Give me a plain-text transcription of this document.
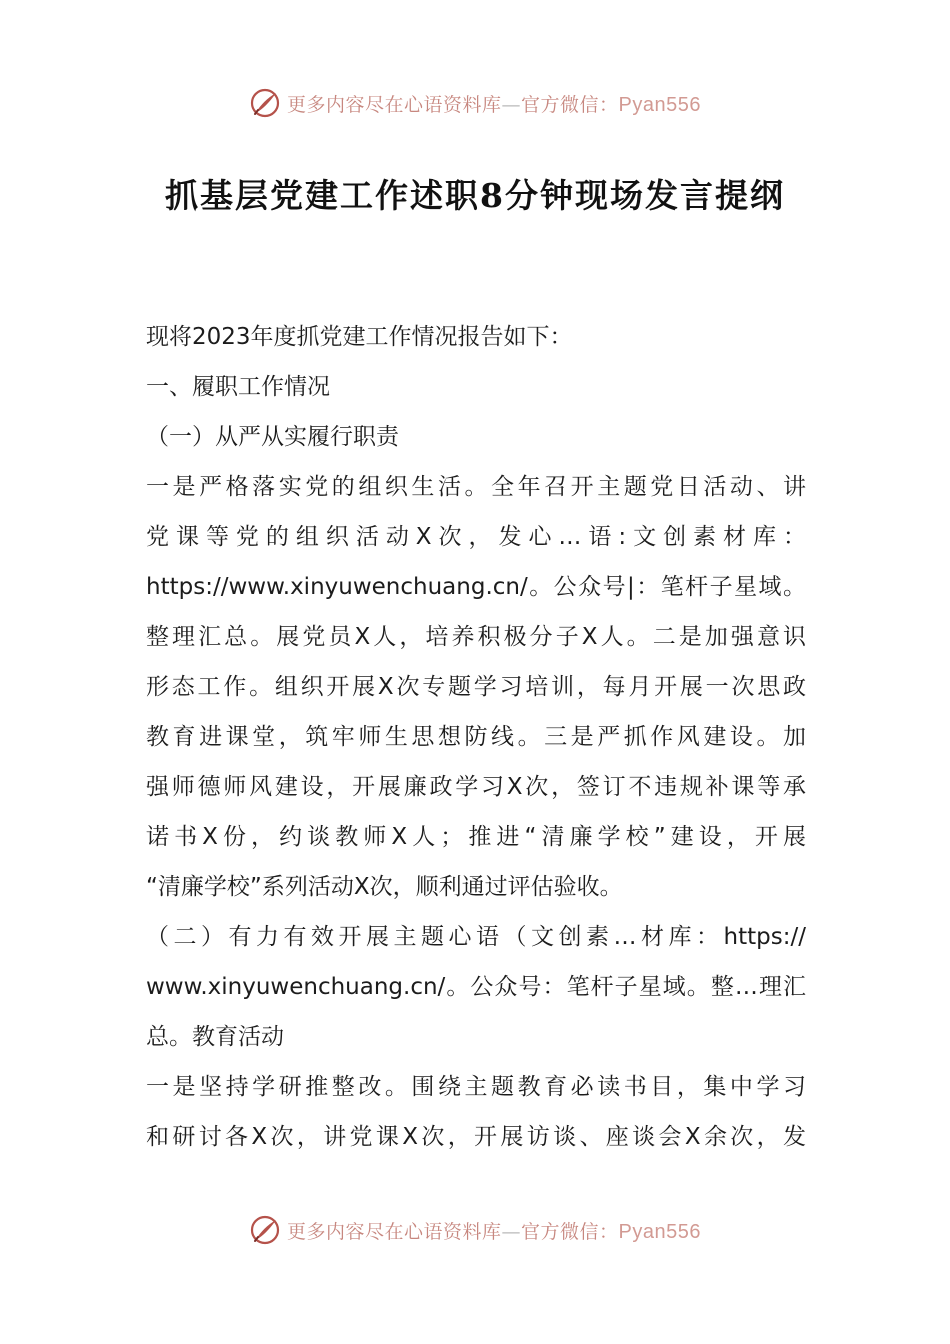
更多内容尽在心语资料库—官方微信：Pyan556
抓基层党建工作述职8分钟现场发言提纲
现将2023年度抓党建工作情况报告如下：
一、履职工作情况
（一）从严从实履行职责
一是严格落实党的组织生活。全年召开主题党日活动、讲
党课等党的组织活动X次，发心…语:文创素材库：
https://www.xinyuwenchuang.cn/。公众号|：笔杆子星域。
整理汇总。展党员X人，培养积极分子X人。二是加强意识
形态工作。组织开展X次专题学习培训，每月开展一次思政
教育进课堂，筑牢师生思想防线。三是严抓作风建设。加
强师德师风建设，开展廉政学习X次，签订不违规补课等承
诺书X份，约谈教师X人；推进“清廉学校”建设，开展
“清廉学校”系列活动X次，顺利通过评估验收。
（二）有力有效开展主题心语（文创素…材库：https://
www.xinyuwenchuang.cn/。公众号：笔杆子星域。整…理汇
总。教育活动
一是坚持学研推整改。围绕主题教育必读书目，集中学习
和研讨各X次，讲党课X次，开展访谈、座谈会X余次，发
更多内容尽在心语资料库—官方微信：Pyan556
